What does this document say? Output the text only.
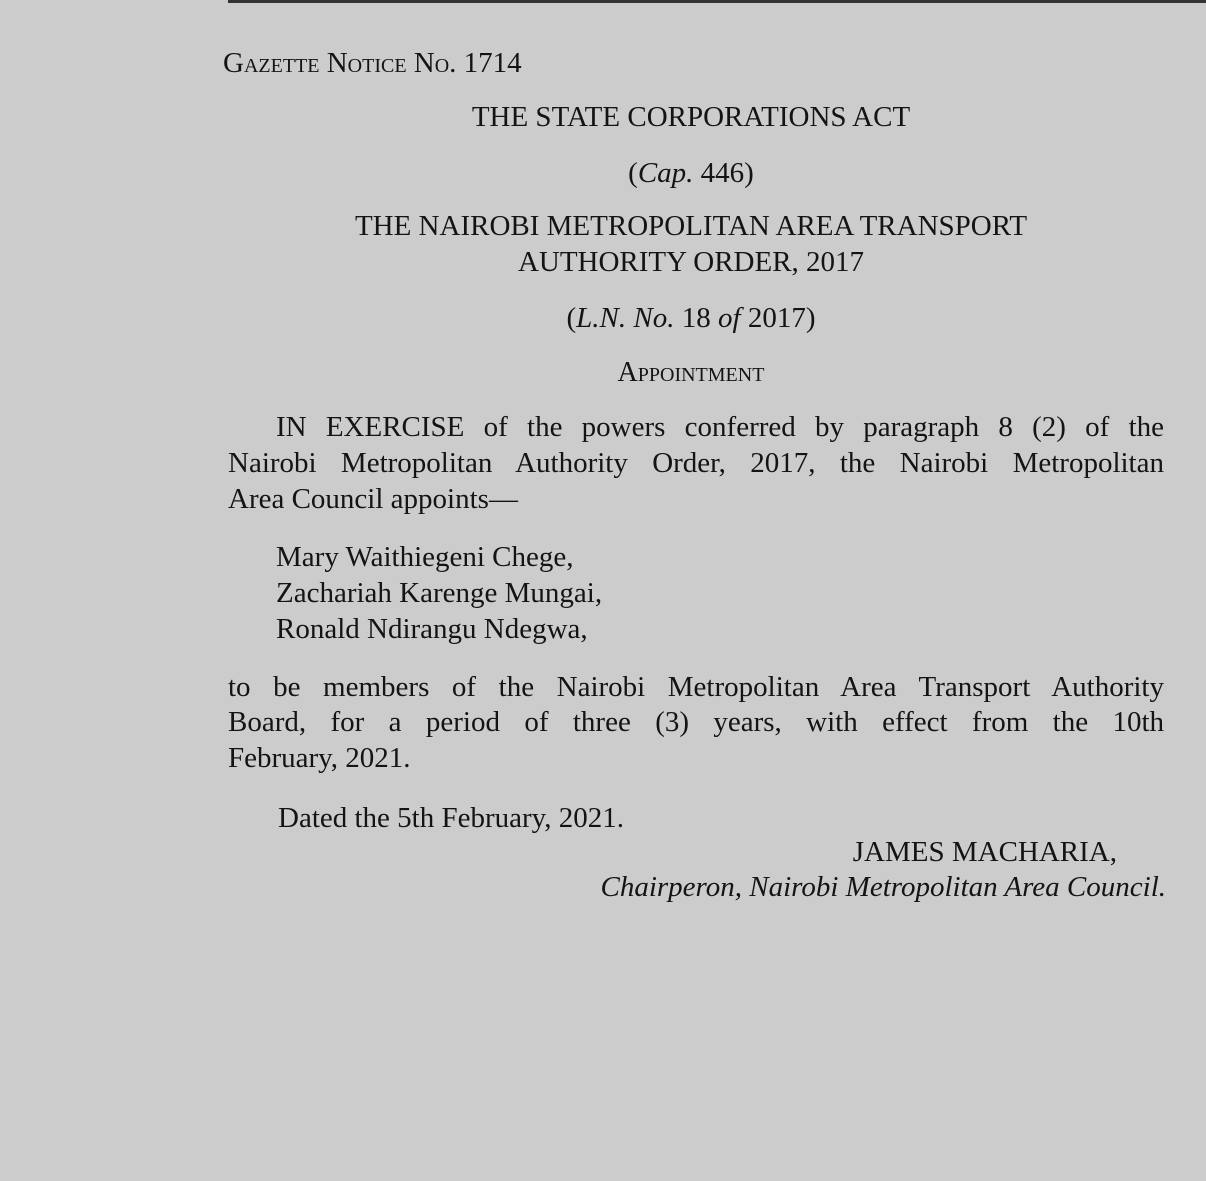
Gazette Notice No. 1714
THE STATE CORPORATIONS ACT
(Cap. 446)
THE NAIROBI METROPOLITAN AREA TRANSPORT
AUTHORITY ORDER, 2017
(L.N. No. 18 of 2017)
Appointment
IN EXERCISE of the powers conferred by paragraph 8 (2) of the
Nairobi Metropolitan Authority Order, 2017, the Nairobi Metropolitan
Area Council appoints—
Mary Waithiegeni Chege,
Zachariah Karenge Mungai,
Ronald Ndirangu Ndegwa,
to be members of the Nairobi Metropolitan Area Transport Authority
Board, for a period of three (3) years, with effect from the 10th
February, 2021.
Dated the 5th February, 2021.
JAMES MACHARIA,
Chairperon, Nairobi Metropolitan Area Council.
